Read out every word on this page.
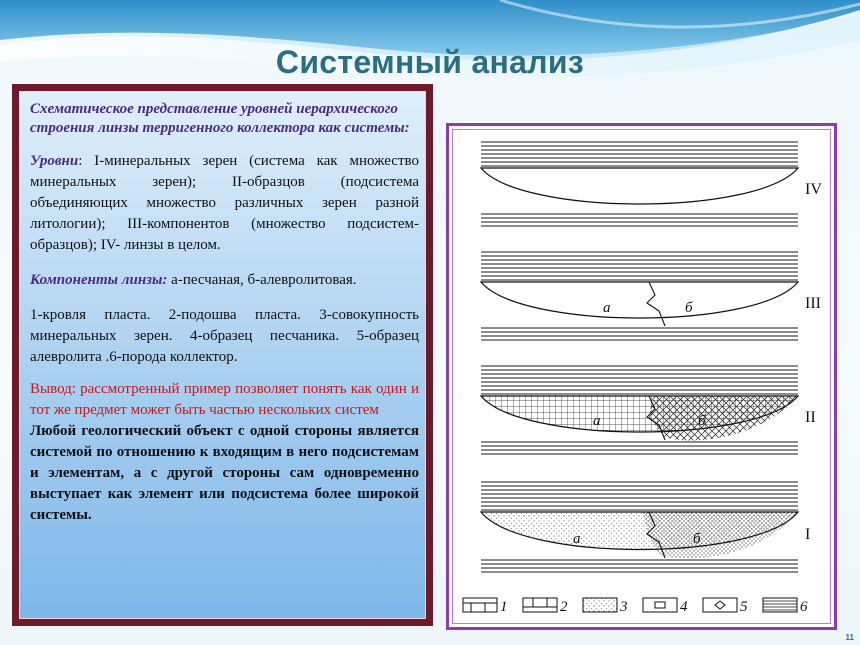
Системный анализ

Схематическое представление уровней иерархического строения линзы терригенного коллектора как системы:

Уровни: I-минеральных зерен (система как множество минеральных зерен); II-образцов (подсистема объединяющих множество различных зерен разной литологии); III-компонентов (множество подсистем-образцов); IV- линзы в целом.

Компоненты линзы: а-песчаная, б-алевролитовая.

1-кровля пласта. 2-подошва пласта. 3-совокупность минеральных зерен. 4-образец песчаника. 5-образец алевролита .6-порода коллектор.

Вывод: рассмотренный пример позволяет понять как один и тот же предмет может быть частью нескольких систем

Любой геологический объект с одной стороны является системой по отношению к входящим в него подсистемам и элементам, а с другой стороны сам одновременно выступает как элемент или подсистема более широкой системы.

IV
III
а	б
II
а	б
I
а	б
1	2	3	4	5	6
11
